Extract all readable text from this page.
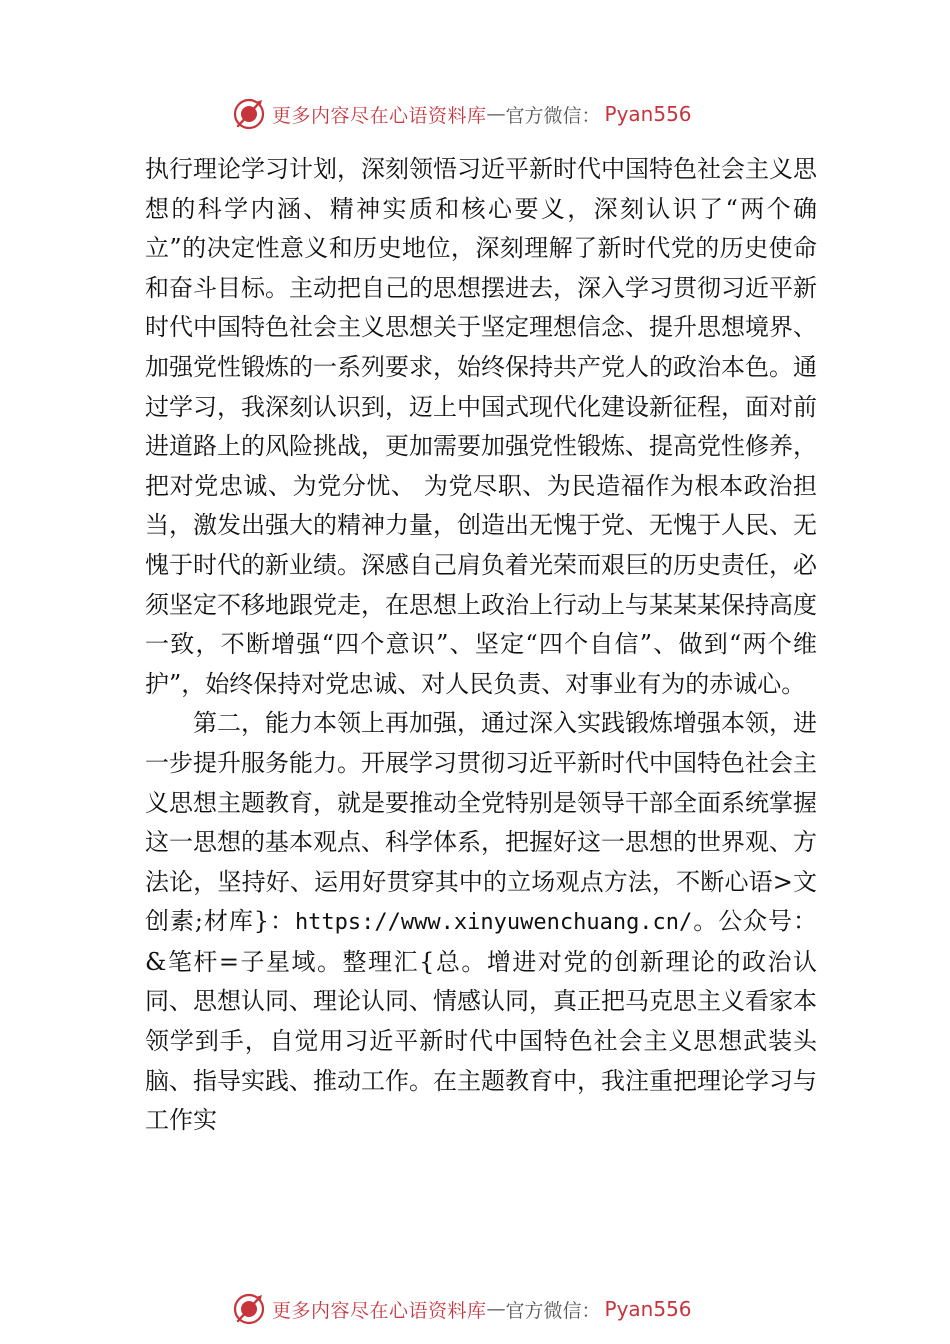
更多内容尽在心语资料库 — 官方微信： Pyan556

执行理论学习计划，深刻领悟习近平新时代中国特色社会主义思想的科学内涵、精神实质和核心要义，深刻认识了“两个确立”的决定性意义和历史地位，深刻理解了新时代党的历史使命和奋斗目标。主动把自己的思想摆进去，深入学习贯彻习近平新时代中国特色社会主义思想关于坚定理想信念、提升思想境界、加强党性锻炼的一系列要求，始终保持共产党人的政治本色。通过学习，我深刻认识到，迈上中国式现代化建设新征程，面对前进道路上的风险挑战，更加需要加强党性锻炼、提高党性修养，把对党忠诚、为党分忧、 为党尽职、为民造福作为根本政治担当，激发出强大的精神力量，创造出无愧于党、无愧于人民、无愧于时代的新业绩。深感自己肩负着光荣而艰巨的历史责任，必须坚定不移地跟党走，在思想上政治上行动上与某某某保持高度一致，不断增强“四个意识”、坚定“四个自信”、做到“两个维护”，始终保持对党忠诚、对人民负责、对事业有为的赤诚心。

第二，能力本领上再加强，通过深入实践锻炼增强本领，进一步提升服务能力。开展学习贯彻习近平新时代中国特色社会主义思想主题教育，就是要推动全党特别是领导干部全面系统掌握这一思想的基本观点、科学体系，把握好这一思想的世界观、方法论，坚持好、运用好贯穿其中的立场观点方法，不断心语>文创素;材库}：https://www.xinyuwenchuang.cn/。公众号：&笔杆=子星域。整理汇{总。增进对党的创新理论的政治认同、思想认同、理论认同、情感认同，真正把马克思主义看家本领学到手，自觉用习近平新时代中国特色社会主义思想武装头脑、指导实践、推动工作。在主题教育中，我注重把理论学习与工作实

更多内容尽在心语资料库 — 官方微信： Pyan556
